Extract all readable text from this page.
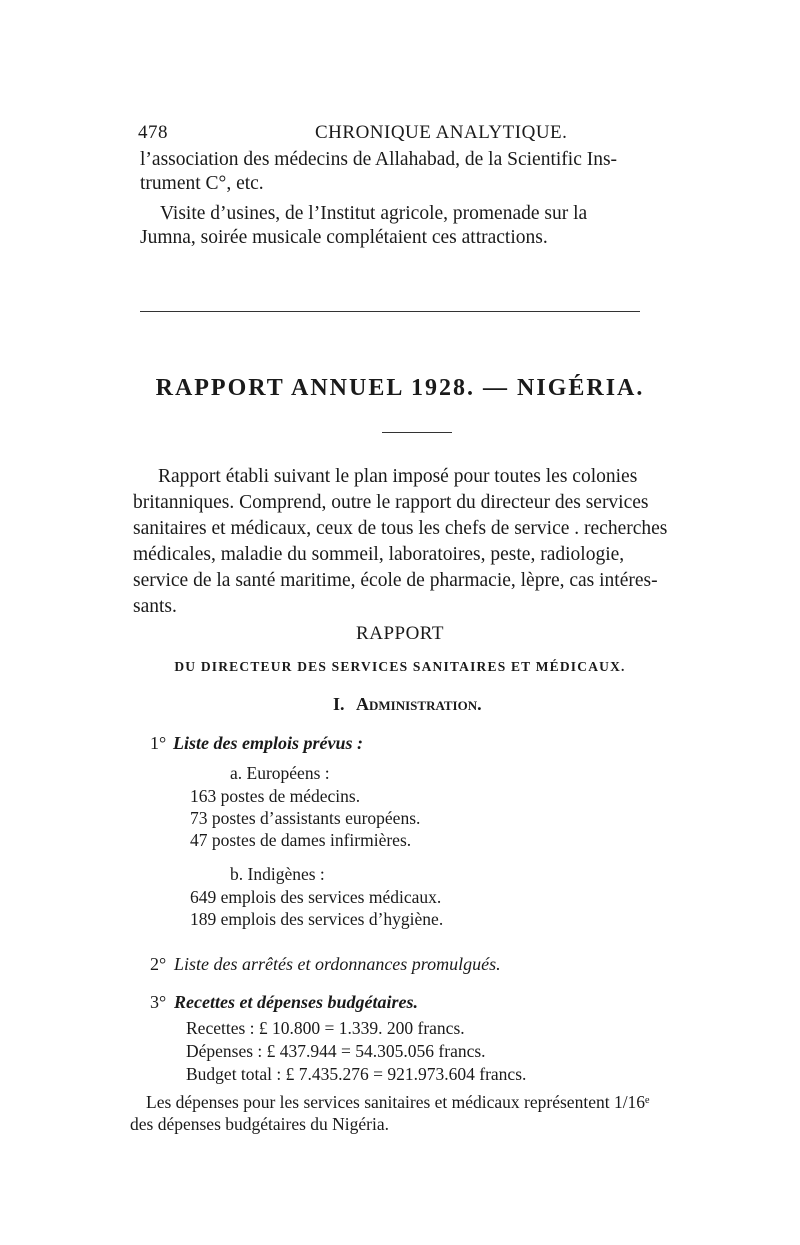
478	CHRONIQUE ANALYTIQUE.
l’association des médecins de Allahabad, de la Scientific Ins-
trument C°, etc.
Visite d’usines, de l’Institut agricole, promenade sur la
Jumna, soirée musicale complétaient ces attractions.
RAPPORT ANNUEL 1928. — NIGÉRIA.
Rapport établi suivant le plan imposé pour toutes les colonies
britanniques. Comprend, outre le rapport du directeur des services
sanitaires et médicaux, ceux de tous les chefs de service . recherches
médicales, maladie du sommeil, laboratoires, peste, radiologie,
service de la santé maritime, école de pharmacie, lèpre, cas intéres-
sants.
RAPPORT
DU DIRECTEUR DES SERVICES SANITAIRES ET MÉDICAUX.
I. Administration.
1° Liste des emplois prévus :
a. Européens :
163 postes de médecins.
73 postes d’assistants européens.
47 postes de dames infirmières.
b. Indigènes :
649 emplois des services médicaux.
189 emplois des services d’hygiène.
2° Liste des arrêtés et ordonnances promulgués.
3° Recettes et dépenses budgétaires.
Recettes : £ 10.800 = 1.339. 200 francs.
Dépenses : £ 437.944 = 54.305.056 francs.
Budget total : £ 7.435.276 = 921.973.604 francs.
Les dépenses pour les services sanitaires et médicaux représentent 1/16ᵉ
des dépenses budgétaires du Nigéria.
